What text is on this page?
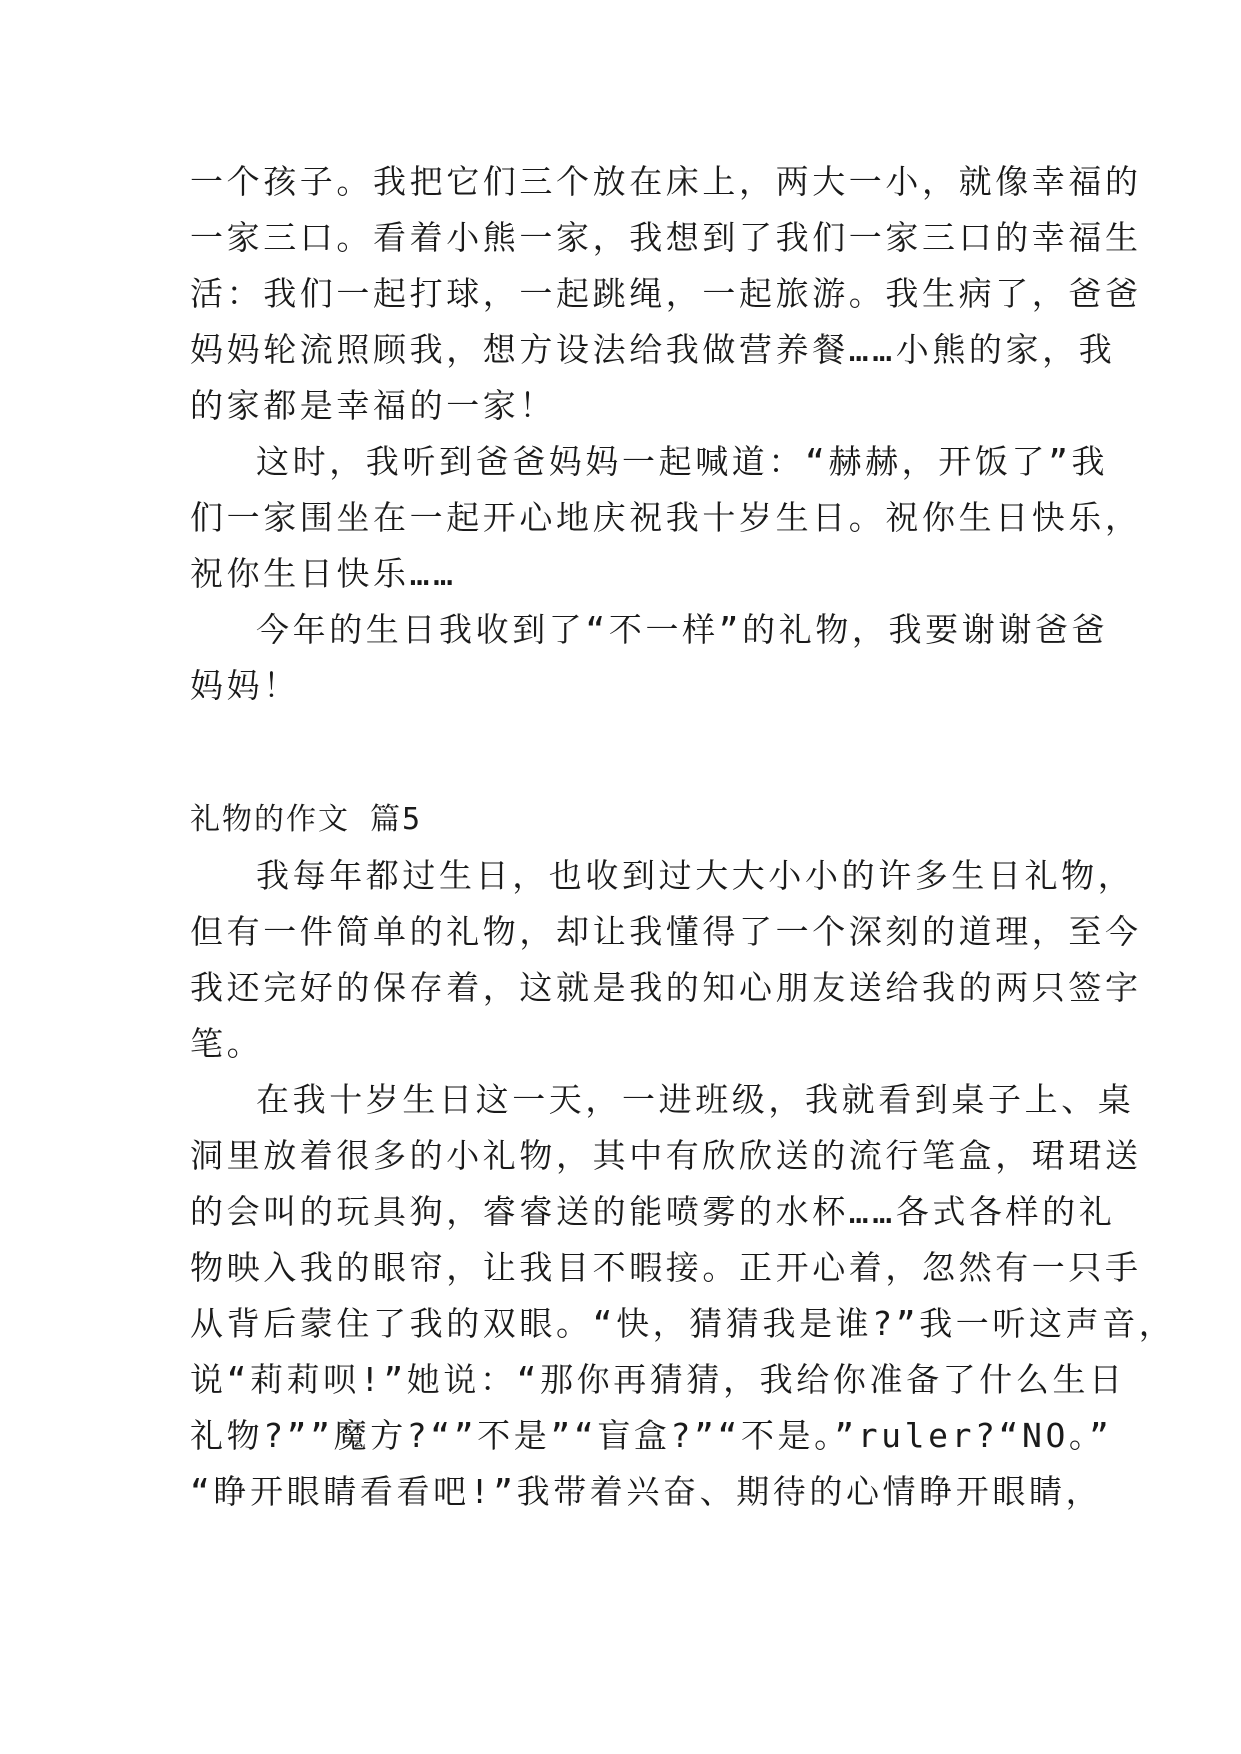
一个孩子。我把它们三个放在床上，两大一小，就像幸福的
一家三口。看着小熊一家，我想到了我们一家三口的幸福生
活：我们一起打球，一起跳绳，一起旅游。我生病了，爸爸
妈妈轮流照顾我，想方设法给我做营养餐……小熊的家，我
的家都是幸福的一家！
这时，我听到爸爸妈妈一起喊道：“赫赫，开饭了”我
们一家围坐在一起开心地庆祝我十岁生日。祝你生日快乐，
祝你生日快乐……
今年的生日我收到了“不一样”的礼物，我要谢谢爸爸
妈妈！
礼物的作文 篇5
我每年都过生日，也收到过大大小小的许多生日礼物，
但有一件简单的礼物，却让我懂得了一个深刻的道理，至今
我还完好的保存着，这就是我的知心朋友送给我的两只签字
笔。
在我十岁生日这一天，一进班级，我就看到桌子上、桌
洞里放着很多的小礼物，其中有欣欣送的流行笔盒，珺珺送
的会叫的玩具狗，睿睿送的能喷雾的水杯……各式各样的礼
物映入我的眼帘，让我目不暇接。正开心着，忽然有一只手
从背后蒙住了我的双眼。“快，猜猜我是谁?”我一听这声音，
说“莉莉呗!”她说：“那你再猜猜，我给你准备了什么生日
礼物?””魔方?“”不是”“盲盒?”“不是。”ruler?“NO。”
“睁开眼睛看看吧!”我带着兴奋、期待的心情睁开眼睛，
